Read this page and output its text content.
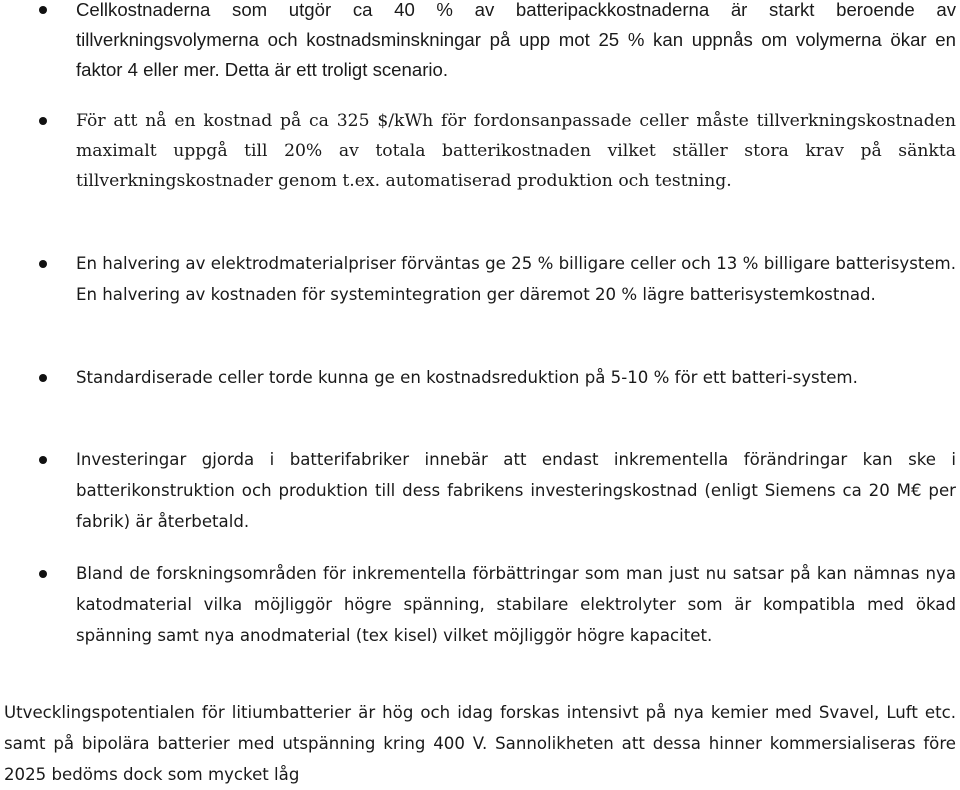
Cellkostnaderna som utgör ca 40 % av batteripackkostnaderna är starkt beroende av tillverkningsvolymerna och kostnadsminskningar på upp mot 25 % kan uppnås om volymerna ökar en faktor 4 eller mer. Detta är ett troligt scenario.

För att nå en kostnad på ca 325 $/kWh för fordonsanpassade celler måste tillverkningskostnaden maximalt uppgå till 20% av totala batterikostnaden vilket ställer stora krav på sänkta tillverkningskostnader genom t.ex. automatiserad produktion och testning.

En halvering av elektrodmaterialpriser förväntas ge 25 % billigare celler och 13 % billigare batterisystem. En halvering av kostnaden för systemintegration ger däremot 20 % lägre batterisystemkostnad.

Standardiserade celler torde kunna ge en kostnadsreduktion på 5-10 % för ett batteri-system.

Investeringar gjorda i batterifabriker innebär att endast inkrementella förändringar kan ske i batterikonstruktion och produktion till dess fabrikens investeringskostnad (enligt Siemens ca 20 M€ per fabrik) är återbetald.

Bland de forskningsområden för inkrementella förbättringar som man just nu satsar på kan nämnas nya katodmaterial vilka möjliggör högre spänning, stabilare elektrolyter som är kompatibla med ökad spänning samt nya anodmaterial (tex kisel) vilket möjliggör högre kapacitet.

Utvecklingspotentialen för litiumbatterier är hög och idag forskas intensivt på nya kemier med Svavel, Luft etc. samt på bipolära batterier med utspänning kring 400 V. Sannolikheten att dessa hinner kommersialiseras före 2025 bedöms dock som mycket låg
